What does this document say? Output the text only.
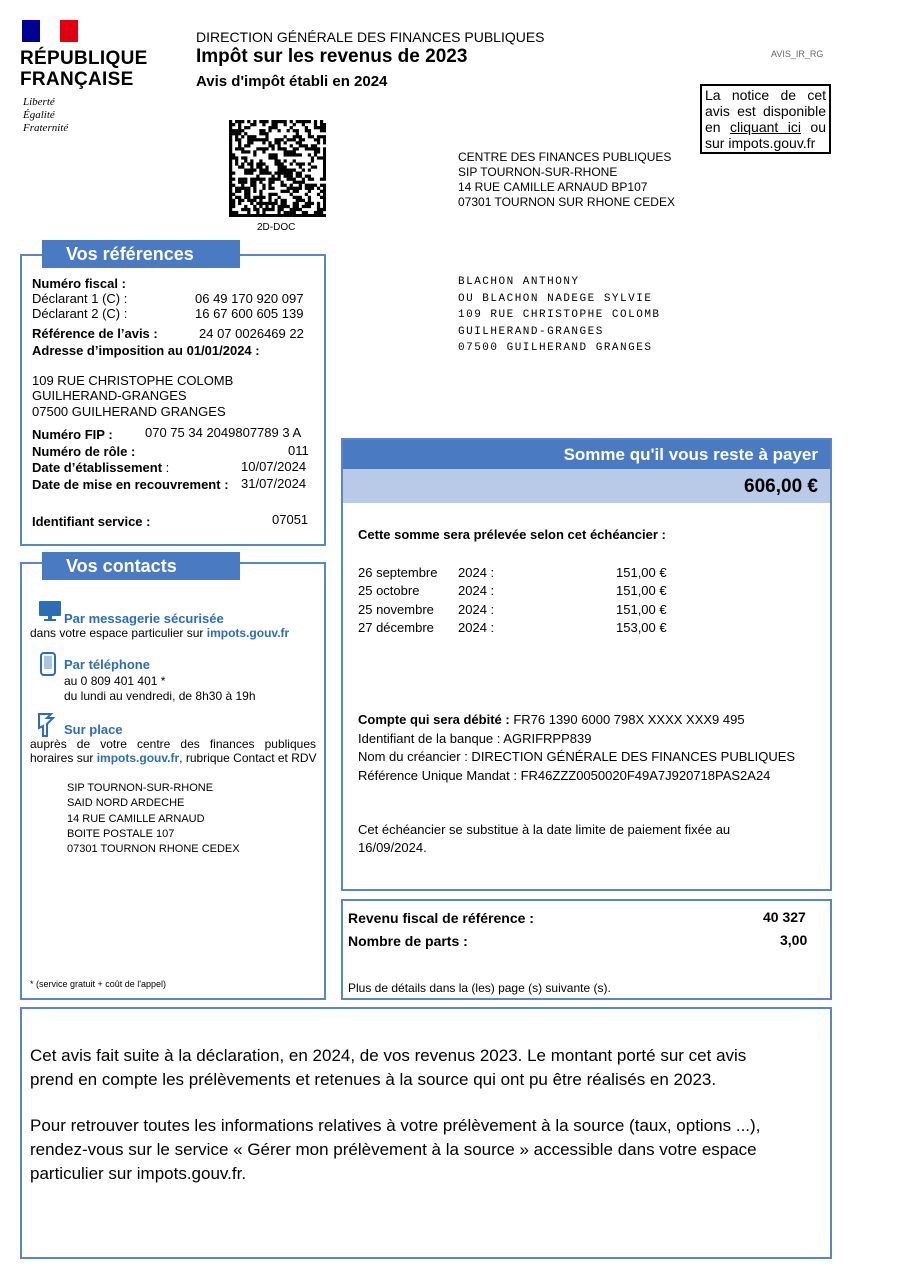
RÉPUBLIQUE
FRANÇAISE
Liberté
Égalité
Fraternité
DIRECTION GÉNÉRALE DES FINANCES PUBLIQUES
Impôt sur les revenus de 2023
Avis d'impôt établi en 2024
AVIS_IR_RG
La notice de cet avis est disponible en cliquant ici ou sur impots.gouv.fr
2D-DOC
CENTRE DES FINANCES PUBLIQUES
SIP TOURNON-SUR-RHONE
14 RUE CAMILLE ARNAUD BP107
07301 TOURNON SUR RHONE CEDEX
BLACHON ANTHONY
OU BLACHON NADEGE SYLVIE
109 RUE CHRISTOPHE COLOMB
GUILHERAND-GRANGES
07500 GUILHERAND GRANGES
Vos références
Numéro fiscal :
Déclarant 1 (C) :	06 49 170 920 097
Déclarant 2 (C) :	16 67 600 605 139
Référence de l’avis :	24 07 0026469 22
Adresse d’imposition au 01/01/2024 :
109 RUE CHRISTOPHE COLOMB
GUILHERAND-GRANGES
07500 GUILHERAND GRANGES
Numéro FIP : 070 75 34 2049807789 3 A
Numéro de rôle :	011
Date d’établissement :	10/07/2024
Date de mise en recouvrement : 31/07/2024
Identifiant service :	07051
Vos contacts
Par messagerie sécurisée
dans votre espace particulier sur impots.gouv.fr
Par téléphone
au 0 809 401 401 *
du lundi au vendredi, de 8h30 à 19h
Sur place
auprès de votre centre des finances publiques
horaires sur impots.gouv.fr, rubrique Contact et RDV
SIP TOURNON-SUR-RHONE
SAID NORD ARDECHE
14 RUE CAMILLE ARNAUD
BOITE POSTALE 107
07301 TOURNON RHONE CEDEX
* (service gratuit + coût de l'appel)
Somme qu'il vous reste à payer
606,00 €
Cette somme sera prélevée selon cet échéancier :
26 septembre	2024 :	151,00 €
25 octobre	2024 :	151,00 €
25 novembre	2024 :	151,00 €
27 décembre	2024 :	153,00 €
Compte qui sera débité : FR76 1390 6000 798X XXXX XXX9 495
Identifiant de la banque : AGRIFRPP839
Nom du créancier : DIRECTION GÉNÉRALE DES FINANCES PUBLIQUES
Référence Unique Mandat : FR46ZZZ0050020F49A7J920718PAS2A24
Cet échéancier se substitue à la date limite de paiement fixée au
16/09/2024.
Revenu fiscal de référence :	40 327
Nombre de parts :	3,00
Plus de détails dans la (les) page (s) suivante (s).
Cet avis fait suite à la déclaration, en 2024, de vos revenus 2023. Le montant porté sur cet avis
prend en compte les prélèvements et retenues à la source qui ont pu être réalisés en 2023.
Pour retrouver toutes les informations relatives à votre prélèvement à la source (taux, options ...),
rendez-vous sur le service « Gérer mon prélèvement à la source » accessible dans votre espace
particulier sur impots.gouv.fr.
